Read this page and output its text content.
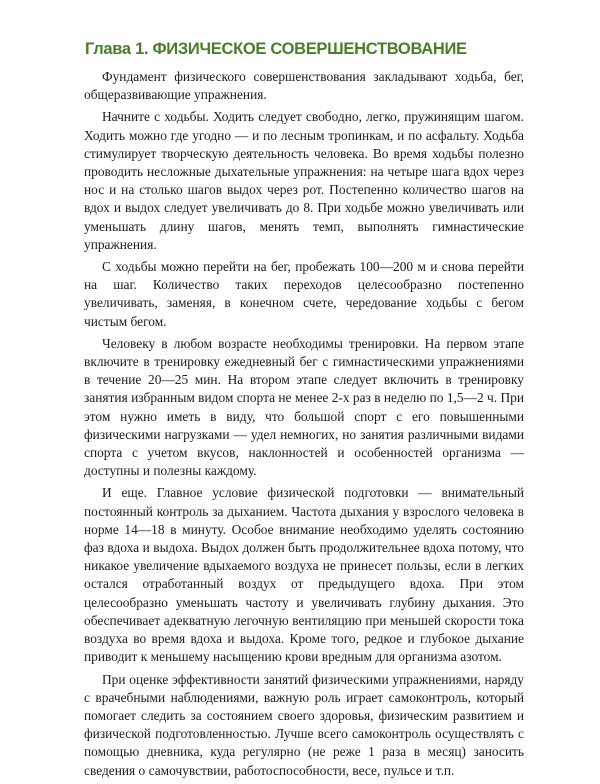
Глава 1. ФИЗИЧЕСКОЕ СОВЕРШЕНСТВОВАНИЕ

Фундамент физического совершенствования закладывают ходьба, бег, общеразвивающие упражнения.

Начните с ходьбы. Ходить следует свободно, легко, пружинящим шагом. Ходить можно где угодно — и по лесным тропинкам, и по асфальту. Ходьба стимулирует творческую деятельность человека. Во время ходьбы полезно проводить несложные дыхательные упражнения: на четыре шага вдох через нос и на столько шагов выдох через рот. Постепенно количество шагов на вдох и выдох следует увеличивать до 8. При ходьбе можно увеличивать или уменьшать длину шагов, менять темп, выполнять гимнастические упражнения.

С ходьбы можно перейти на бег, пробежать 100—200 м и снова перейти на шаг. Количество таких переходов целесообразно постепенно увеличивать, заменяя, в конечном счете, чередование ходьбы с бегом чистым бегом.

Человеку в любом возрасте необходимы тренировки. На первом этапе включите в тренировку ежедневный бег с гимнастическими упражнениями в течение 20—25 мин. На втором этапе следует включить в тренировку занятия избранным видом спорта не менее 2-х раз в неделю по 1,5—2 ч. При этом нужно иметь в виду, что большой спорт с его повышенными физическими нагрузками — удел немногих, но занятия различными видами спорта с учетом вкусов, наклонностей и особенностей организма — доступны и полезны каждому.

И еще. Главное условие физической подготовки — внимательный постоянный контроль за дыханием. Частота дыхания у взрослого человека в норме 14—18 в минуту. Особое внимание необходимо уделять состоянию фаз вдоха и выдоха. Выдох должен быть продолжительнее вдоха потому, что никакое увеличение вдыхаемого воздуха не принесет пользы, если в легких остался отработанный воздух от предыдущего вдоха. При этом целесообразно уменьшать частоту и увеличивать глубину дыхания. Это обеспечивает адекватную легочную вентиляцию при меньшей скорости тока воздуха во время вдоха и выдоха. Кроме того, редкое и глубокое дыхание приводит к меньшему насыщению крови вредным для организма азотом.

При оценке эффективности занятий физическими упражнениями, наряду с врачебными наблюдениями, важную роль играет самоконтроль, который помогает следить за состоянием своего здоровья, физическим развитием и физической подготовленностью. Лучше всего самоконтроль осуществлять с помощью дневника, куда регулярно (не реже 1 раза в месяц) заносить сведения о самочувствии, работоспособности, весе, пульсе и т.п.
